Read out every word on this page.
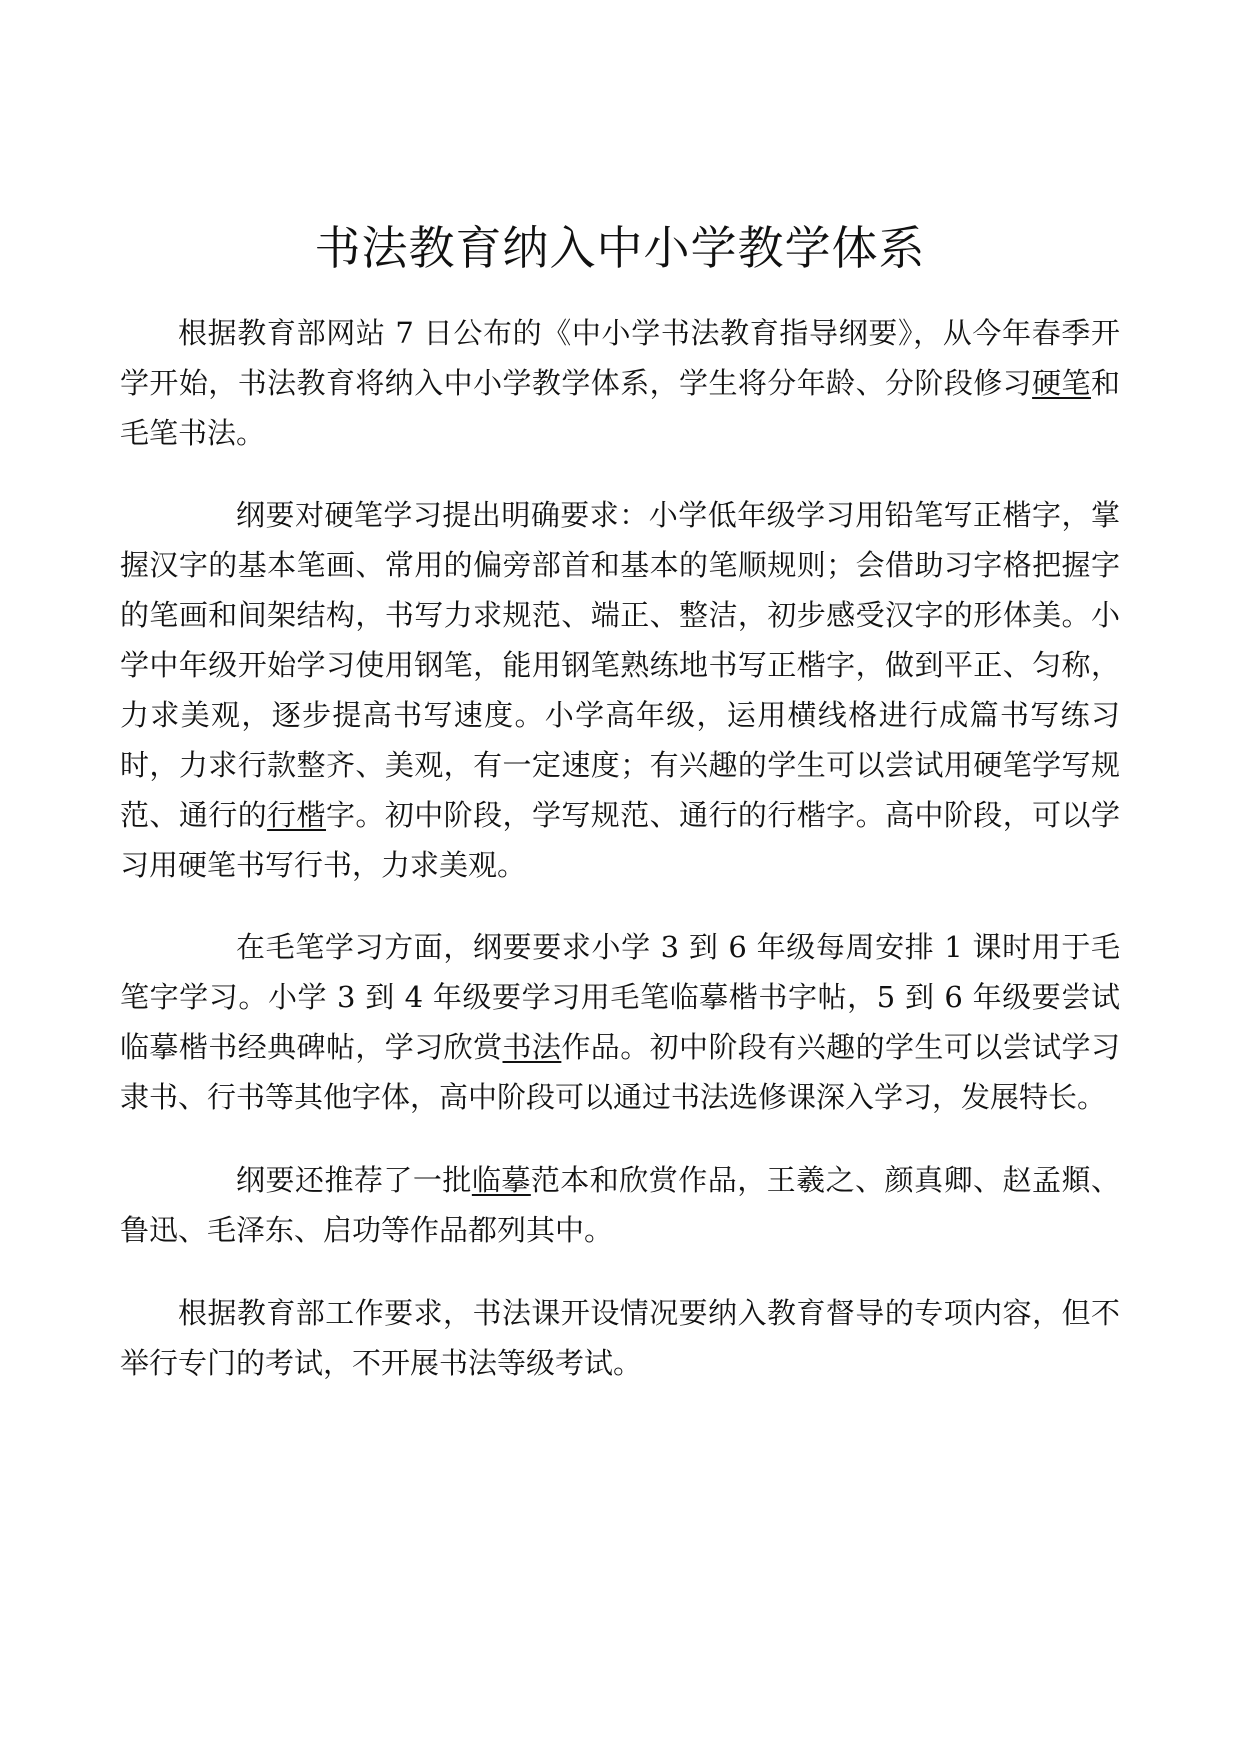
书法教育纳入中小学教学体系

根据教育部网站 7 日公布的《中小学书法教育指导纲要》，从今年春季开学开始，书法教育将纳入中小学教学体系，学生将分年龄、分阶段修习硬笔和毛笔书法。

纲要对硬笔学习提出明确要求：小学低年级学习用铅笔写正楷字，掌握汉字的基本笔画、常用的偏旁部首和基本的笔顺规则；会借助习字格把握字的笔画和间架结构，书写力求规范、端正、整洁，初步感受汉字的形体美。小学中年级开始学习使用钢笔，能用钢笔熟练地书写正楷字，做到平正、匀称，力求美观，逐步提高书写速度。小学高年级，运用横线格进行成篇书写练习时，力求行款整齐、美观，有一定速度；有兴趣的学生可以尝试用硬笔学写规范、通行的行楷字。初中阶段，学写规范、通行的行楷字。高中阶段，可以学习用硬笔书写行书，力求美观。

在毛笔学习方面，纲要要求小学 3 到 6 年级每周安排 1 课时用于毛笔字学习。小学 3 到 4 年级要学习用毛笔临摹楷书字帖，5 到 6 年级要尝试临摹楷书经典碑帖，学习欣赏书法作品。初中阶段有兴趣的学生可以尝试学习隶书、行书等其他字体，高中阶段可以通过书法选修课深入学习，发展特长。

纲要还推荐了一批临摹范本和欣赏作品，王羲之、颜真卿、赵孟頫、鲁迅、毛泽东、启功等作品都列其中。

根据教育部工作要求，书法课开设情况要纳入教育督导的专项内容，但不举行专门的考试，不开展书法等级考试。
